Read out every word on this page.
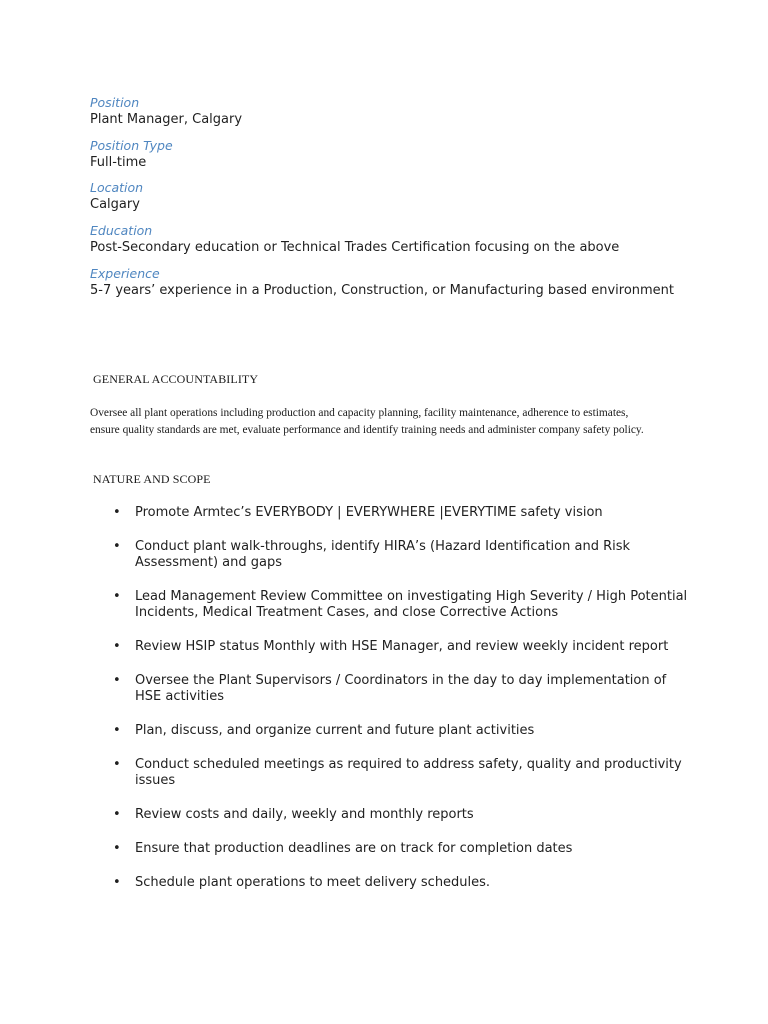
Position
Plant Manager, Calgary
Position Type
Full-time
Location
Calgary
Education
Post-Secondary education or Technical Trades Certification focusing on the above
Experience
5-7 years’ experience in a Production, Construction, or Manufacturing based environment
GENERAL ACCOUNTABILITY
Oversee all plant operations including production and capacity planning, facility maintenance, adherence to estimates, ensure quality standards are met, evaluate performance and identify training needs and administer company safety policy.
NATURE AND SCOPE
• Promote Armtec’s EVERYBODY | EVERYWHERE |EVERYTIME safety vision
• Conduct plant walk-throughs, identify HIRA’s (Hazard Identification and Risk Assessment) and gaps
• Lead Management Review Committee on investigating High Severity / High Potential Incidents, Medical Treatment Cases, and close Corrective Actions
• Review HSIP status Monthly with HSE Manager, and review weekly incident report
• Oversee the Plant Supervisors / Coordinators in the day to day implementation of HSE activities
• Plan, discuss, and organize current and future plant activities
• Conduct scheduled meetings as required to address safety, quality and productivity issues
• Review costs and daily, weekly and monthly reports
• Ensure that production deadlines are on track for completion dates
• Schedule plant operations to meet delivery schedules.
